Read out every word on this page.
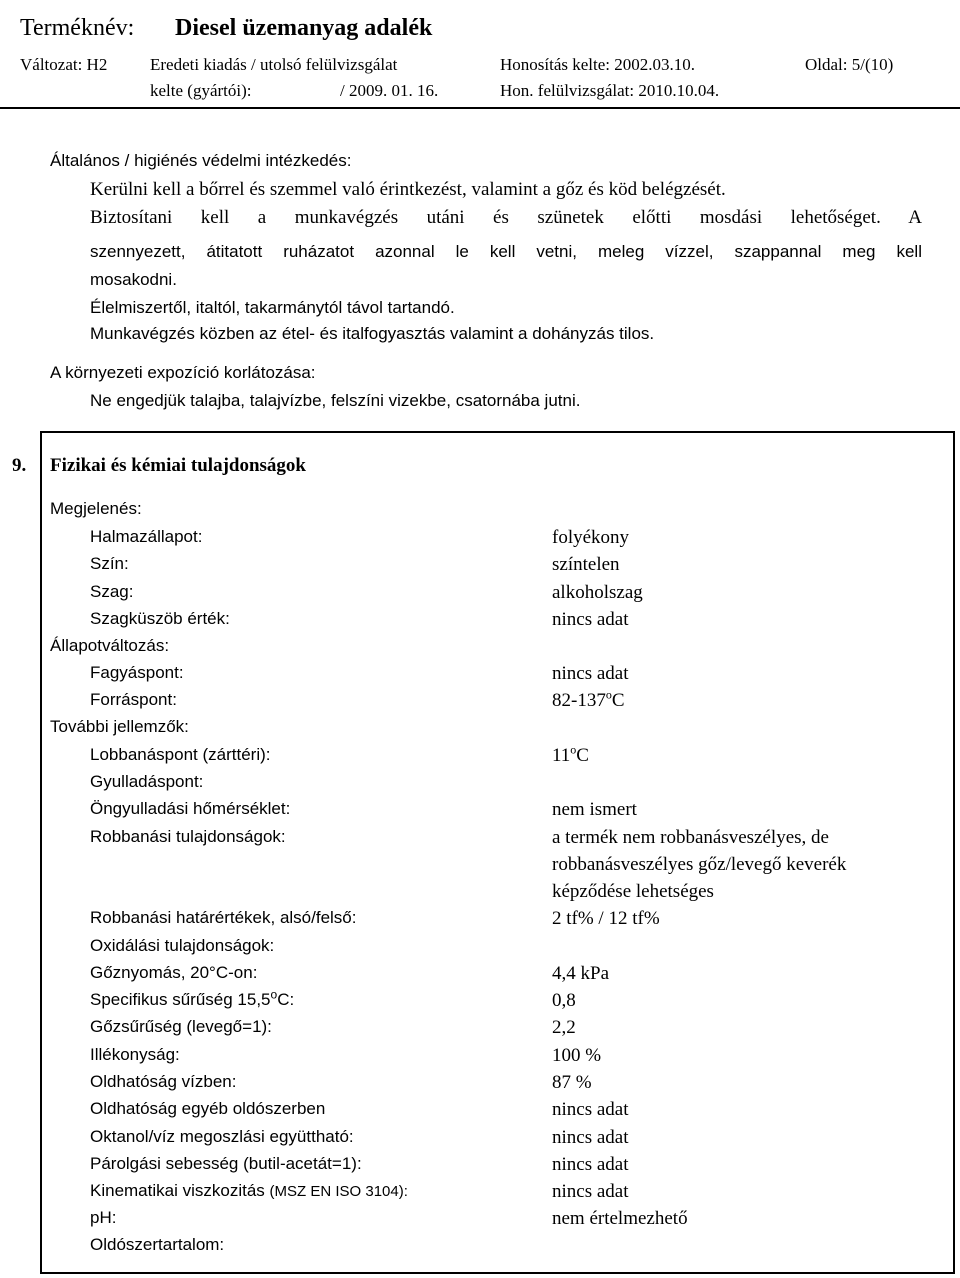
Terméknév: Diesel üzemanyag adalék
Változat: H2	Eredeti kiadás / utolsó felülvizsgálat	Honosítás kelte: 2002.03.10.	Oldal: 5/(10)
kelte (gyártói):	/ 2009. 01. 16.	Hon. felülvizsgálat: 2010.10.04.
Általános / higiénés védelmi intézkedés:
Kerülni kell a bőrrel és szemmel való érintkezést, valamint a gőz és köd belégzését.
Biztosítani kell a munkavégzés utáni és szünetek előtti mosdási lehetőséget. A
szennyezett, átitatott ruházatot azonnal le kell vetni, meleg vízzel, szappannal meg kell
mosakodni.
Élelmiszertől, italtól, takarmánytól távol tartandó.
Munkavégzés közben az étel- és italfogyasztás valamint a dohányzás tilos.
A környezeti expozíció korlátozása:
Ne engedjük talajba, talajvízbe, felszíni vizekbe, csatornába jutni.
9. Fizikai és kémiai tulajdonságok
Megjelenés:
Halmazállapot:	folyékony
Szín:	színtelen
Szag:	alkoholszag
Szagküszöb érték:	nincs adat
Állapotváltozás:
Fagyáspont:	nincs adat
Forráspont:	82-137$^o$C
További jellemzők:
Lobbanáspont (zárttéri):	11$^o$C
Gyulladáspont:
Öngyulladási hőmérséklet:	nem ismert
Robbanási tulajdonságok:	a termék nem robbanásveszélyes, de
robbanásveszélyes gőz/levegő keverék
képződése lehetséges
Robbanási határértékek, alsó/felső:	2 tf% / 12 tf%
Oxidálási tulajdonságok:
Gőznyomás, 20°C-on:	4,4 kPa
Specifikus sűrűség 15,5$^o$C:	0,8
Gőzsűrűség (levegő=1):	2,2
Illékonyság:	100 %
Oldhatóság vízben:	87 %
Oldhatóság egyéb oldószerben	nincs adat
Oktanol/víz megoszlási együttható:	nincs adat
Párolgási sebesség (butil-acetát=1):	nincs adat
Kinematikai viszkozitás (MSZ EN ISO 3104):	nincs adat
pH:	nem értelmezhető
Oldószertartalom:
